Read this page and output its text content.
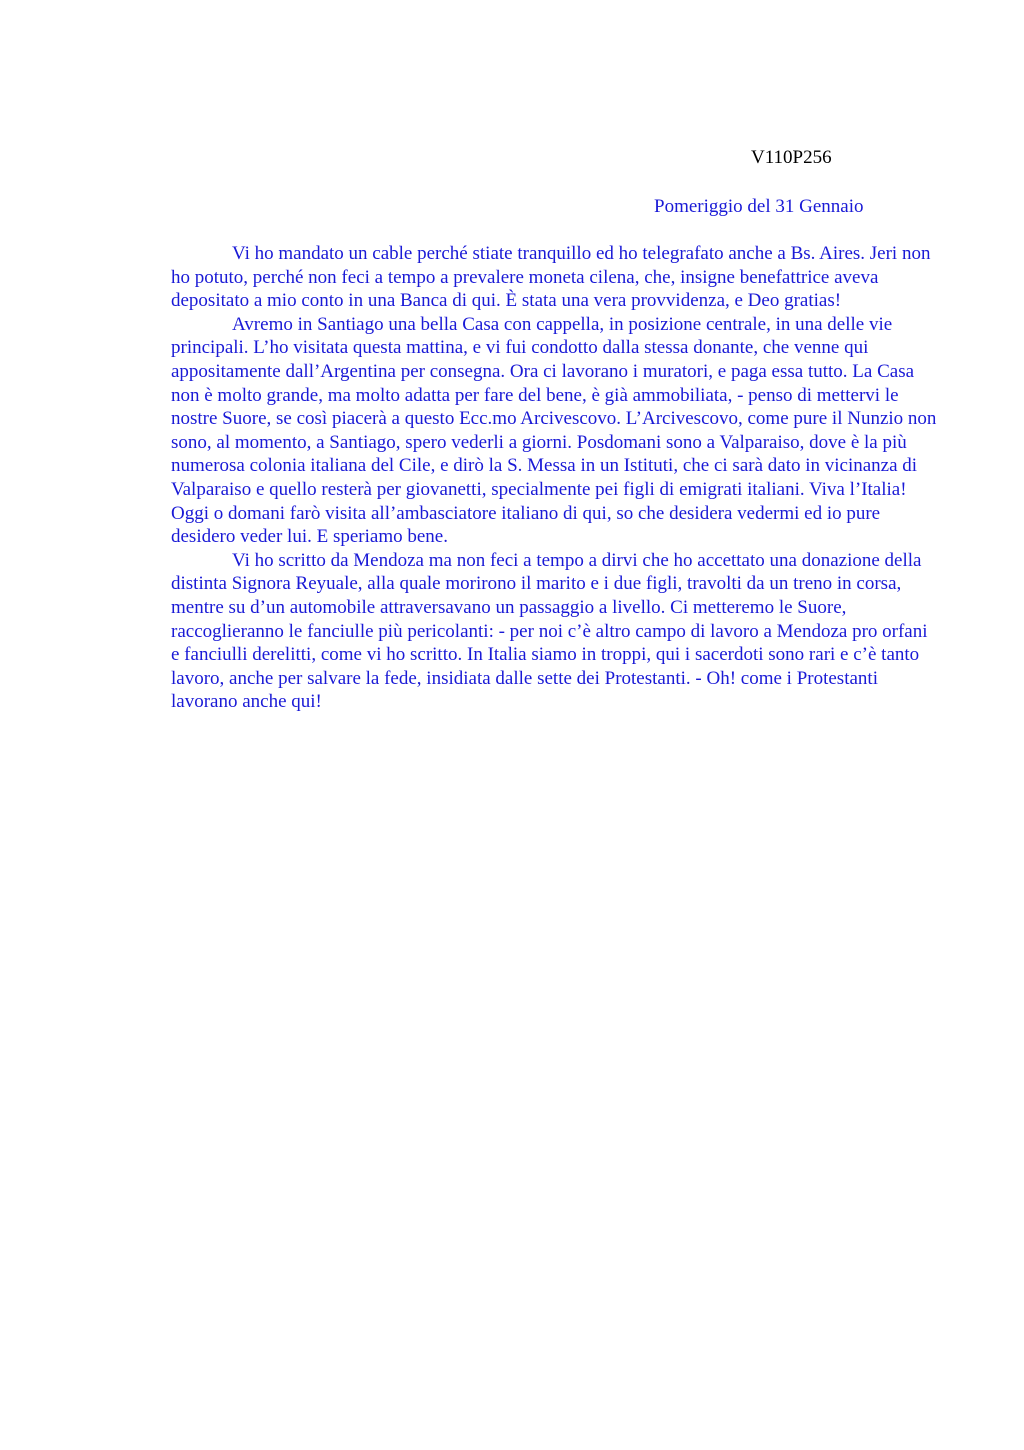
V110P256
Pomeriggio del 31 Gennaio

Vi ho mandato un cable perché stiate tranquillo ed ho telegrafato anche a Bs. Aires. Jeri non ho potuto, perché non feci a tempo a prevalere moneta cilena, che, insigne benefattrice aveva depositato a mio conto in una Banca di qui. È stata una vera provvidenza, e Deo gratias!

Avremo in Santiago una bella Casa con cappella, in posizione centrale, in una delle vie principali. L’ho visitata questa mattina, e vi fui condotto dalla stessa donante, che venne qui appositamente dall’Argentina per consegna. Ora ci lavorano i muratori, e paga essa tutto. La Casa non è molto grande, ma molto adatta per fare del bene, è già ammobiliata, - penso di mettervi le nostre Suore, se così piacerà a questo Ecc.mo Arcivescovo. L’Arcivescovo, come pure il Nunzio non sono, al momento, a Santiago, spero vederli a giorni. Posdomani sono a Valparaiso, dove è la più numerosa colonia italiana del Cile, e dirò la S. Messa in un Istituti, che ci sarà dato in vicinanza di Valparaiso e quello resterà per giovanetti, specialmente pei figli di emigrati italiani. Viva l’Italia! Oggi o domani farò visita all’ambasciatore italiano di qui, so che desidera vedermi ed io pure desidero veder lui. E speriamo bene.

Vi ho scritto da Mendoza ma non feci a tempo a dirvi che ho accettato una donazione della distinta Signora Reyuale, alla quale morirono il marito e i due figli, travolti da un treno in corsa, mentre su d’un automobile attraversavano un passaggio a livello. Ci metteremo le Suore, raccoglieranno le fanciulle più pericolanti: - per noi c’è altro campo di lavoro a Mendoza pro orfani e fanciulli derelitti, come vi ho scritto. In Italia siamo in troppi, qui i sacerdoti sono rari e c’è tanto lavoro, anche per salvare la fede, insidiata dalle sette dei Protestanti. - Oh! come i Protestanti lavorano anche qui!
